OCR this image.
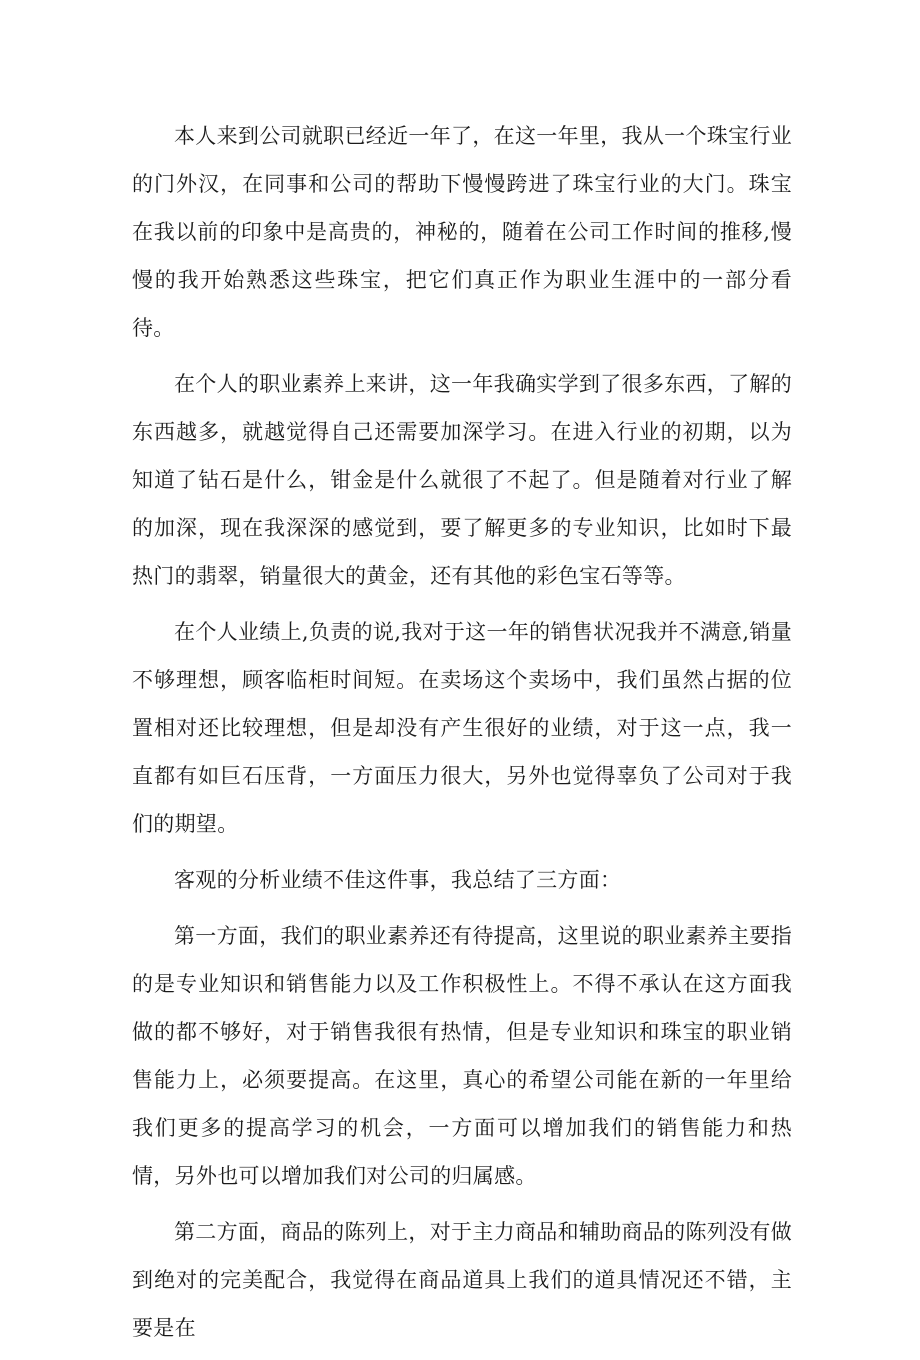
本人来到公司就职已经近一年了，在这一年里，我从一个珠宝行业的门外汉，在同事和公司的帮助下慢慢跨进了珠宝行业的大门。珠宝在我以前的印象中是高贵的，神秘的，随着在公司工作时间的推移,慢慢的我开始熟悉这些珠宝，把它们真正作为职业生涯中的一部分看待。

在个人的职业素养上来讲，这一年我确实学到了很多东西，了解的东西越多，就越觉得自己还需要加深学习。在进入行业的初期，以为知道了钻石是什么，钳金是什么就很了不起了。但是随着对行业了解的加深，现在我深深的感觉到，要了解更多的专业知识，比如时下最热门的翡翠，销量很大的黄金，还有其他的彩色宝石等等。

在个人业绩上,负责的说,我对于这一年的销售状况我并不满意,销量不够理想，顾客临柜时间短。在卖场这个卖场中，我们虽然占据的位置相对还比较理想，但是却没有产生很好的业绩，对于这一点，我一直都有如巨石压背，一方面压力很大，另外也觉得辜负了公司对于我们的期望。

客观的分析业绩不佳这件事，我总结了三方面：

第一方面，我们的职业素养还有待提高，这里说的职业素养主要指的是专业知识和销售能力以及工作积极性上。不得不承认在这方面我做的都不够好，对于销售我很有热情，但是专业知识和珠宝的职业销售能力上，必须要提高。在这里，真心的希望公司能在新的一年里给我们更多的提高学习的机会，一方面可以增加我们的销售能力和热情，另外也可以增加我们对公司的归属感。

第二方面，商品的陈列上，对于主力商品和辅助商品的陈列没有做到绝对的完美配合，我觉得在商品道具上我们的道具情况还不错，主要是在
